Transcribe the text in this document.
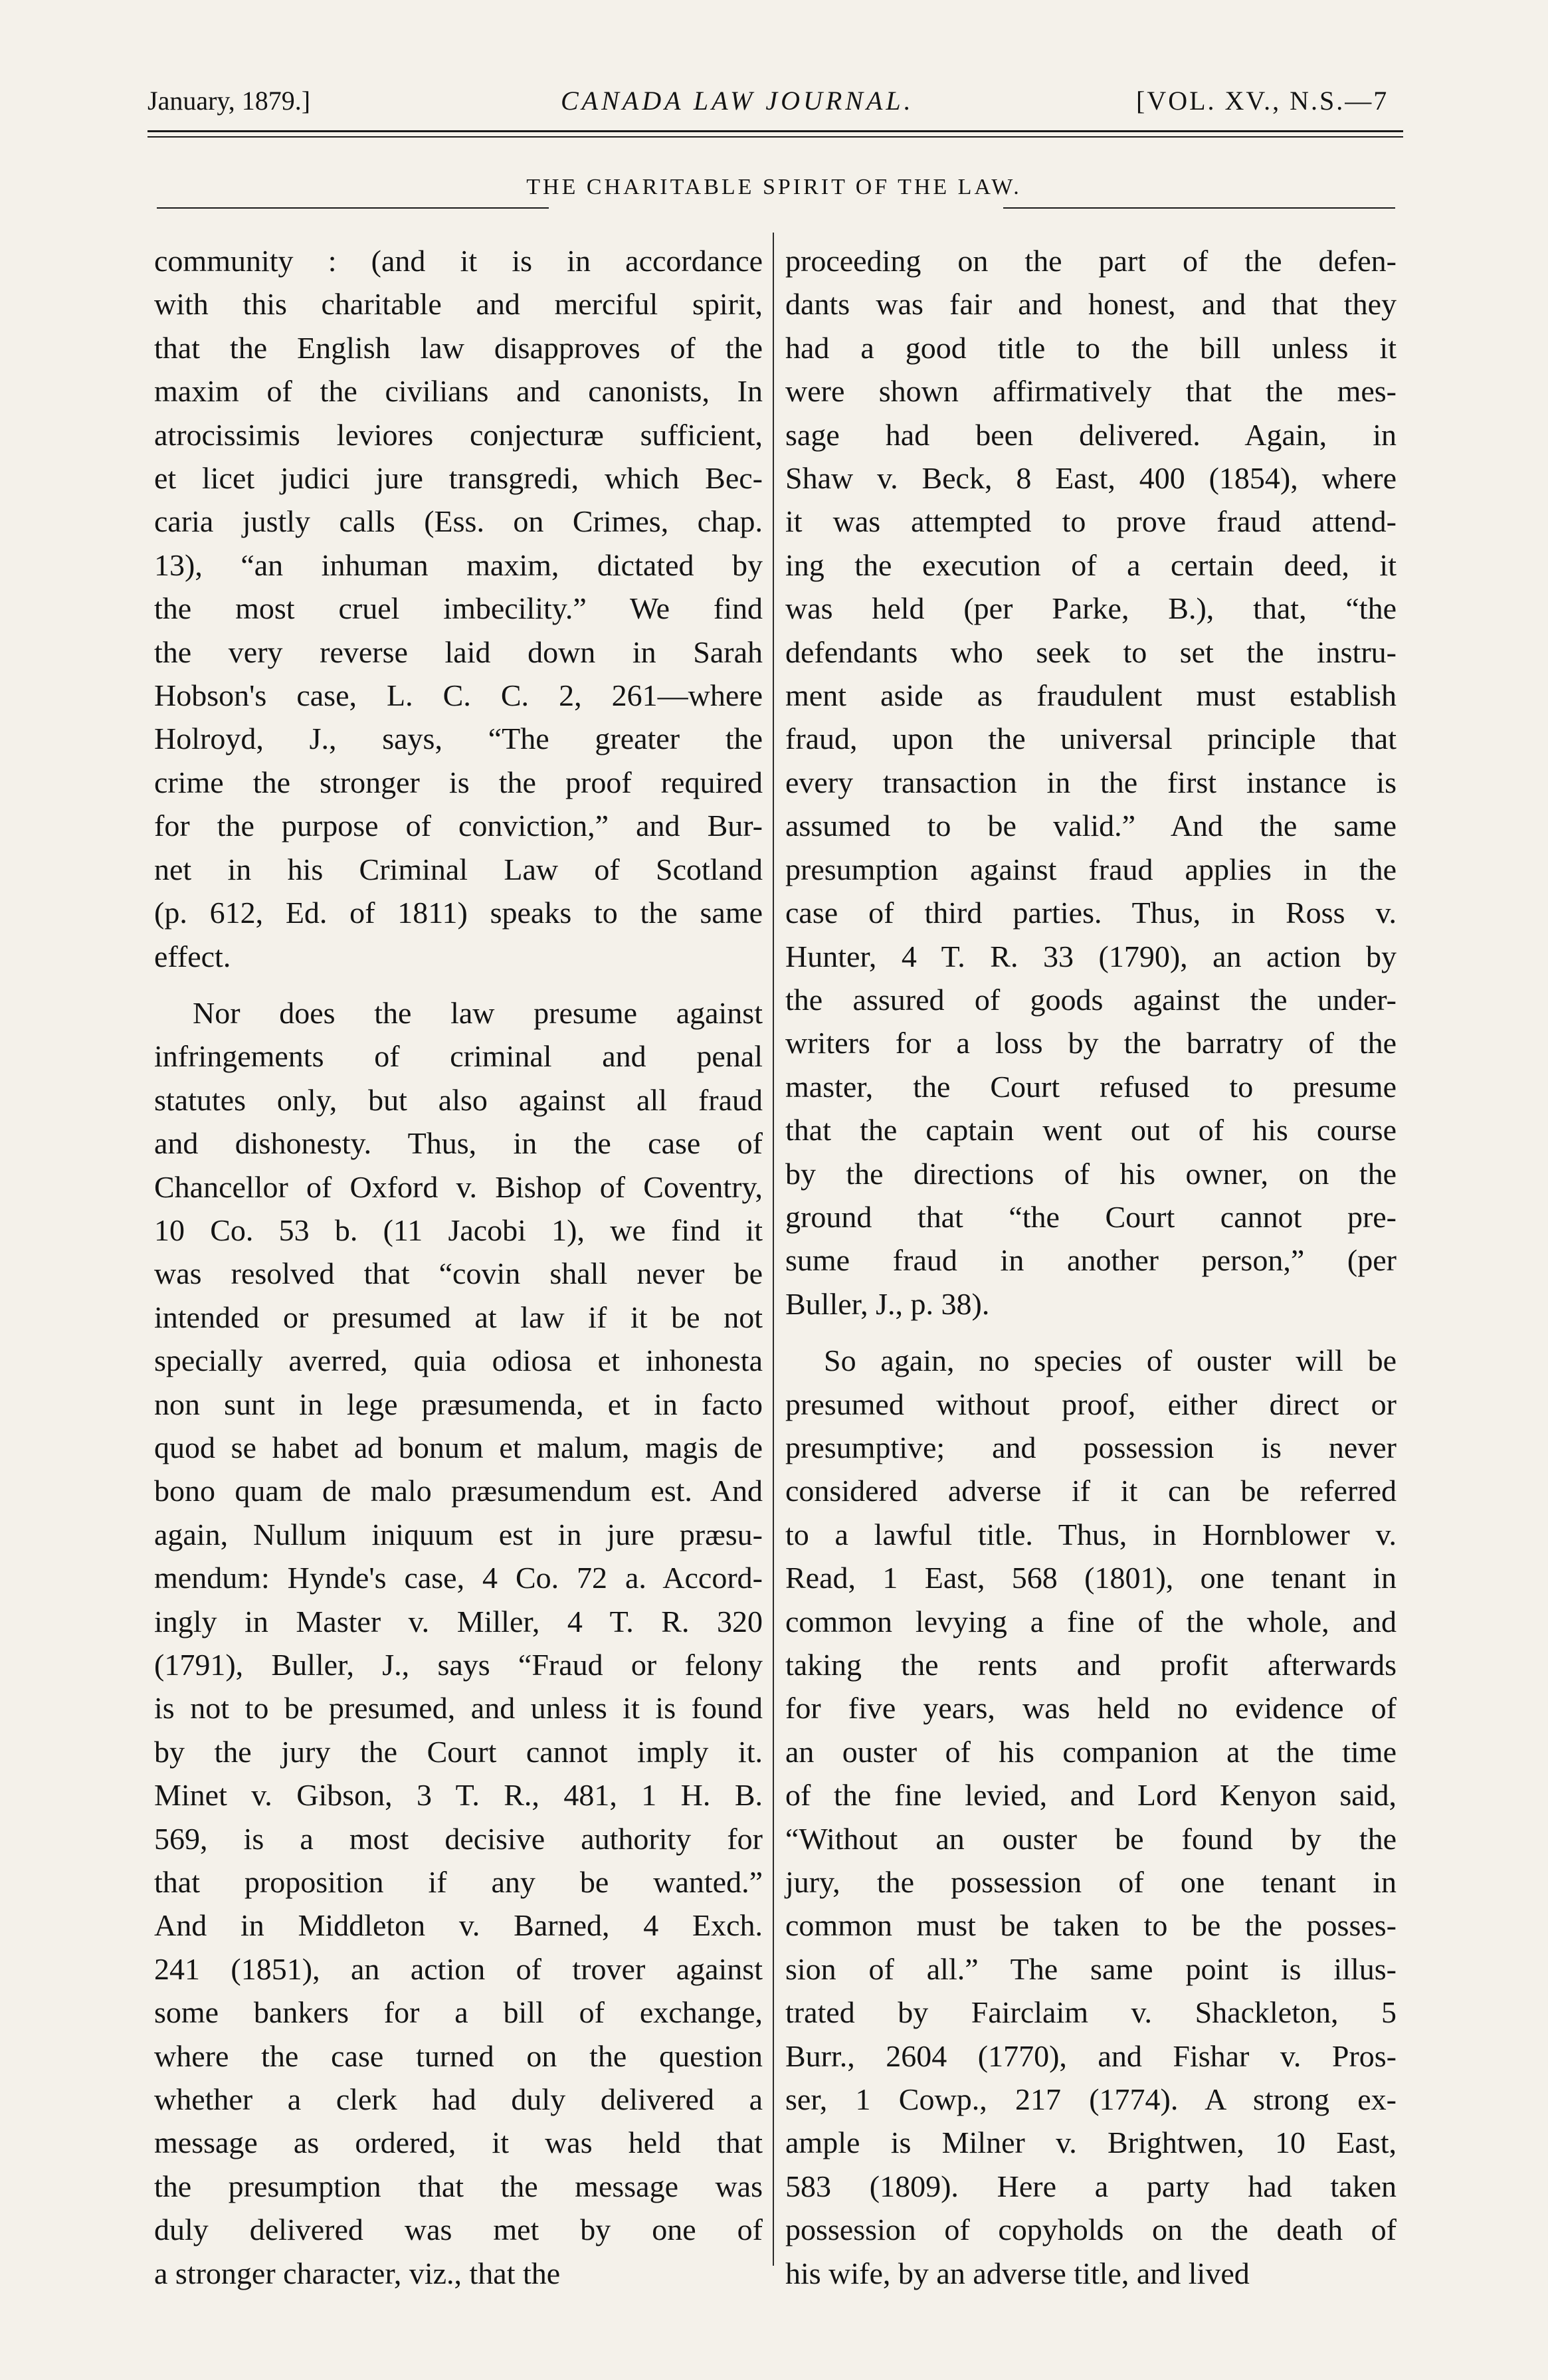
January, 1879.]	CANADA LAW JOURNAL.	[VOL. XV., N.S.—7
THE CHARITABLE SPIRIT OF THE LAW.
community : (and it is in accordance
with this charitable and merciful spirit,
that the English law disapproves of the
maxim of the civilians and canonists, In
atrocissimis leviores conjecturæ sufficient,
et licet judici jure transgredi, which Bec-
caria justly calls (Ess. on Crimes, chap.
13), “an inhuman maxim, dictated by
the most cruel imbecility.” We find
the very reverse laid down in Sarah
Hobson's case, L. C. C. 2, 261—where
Holroyd, J., says, “The greater the
crime the stronger is the proof required
for the purpose of conviction,” and Bur-
net in his Criminal Law of Scotland
(p. 612, Ed. of 1811) speaks to the same
effect.
Nor does the law presume against
infringements of criminal and penal
statutes only, but also against all fraud
and dishonesty. Thus, in the case of
Chancellor of Oxford v. Bishop of Coventry,
10 Co. 53 b. (11 Jacobi 1), we find it
was resolved that “covin shall never be
intended or presumed at law if it be not
specially averred, quia odiosa et inhonesta
non sunt in lege præsumenda, et in facto
quod se habet ad bonum et malum, magis de
bono quam de malo præsumendum est. And
again, Nullum iniquum est in jure præsu-
mendum: Hynde's case, 4 Co. 72 a. Accord-
ingly in Master v. Miller, 4 T. R. 320
(1791), Buller, J., says “Fraud or felony
is not to be presumed, and unless it is found
by the jury the Court cannot imply it.
Minet v. Gibson, 3 T. R., 481, 1 H. B.
569, is a most decisive authority for
that proposition if any be wanted.”
And in Middleton v. Barned, 4 Exch.
241 (1851), an action of trover against
some bankers for a bill of exchange,
where the case turned on the question
whether a clerk had duly delivered a
message as ordered, it was held that
the presumption that the message was
duly delivered was met by one of
a stronger character, viz., that the
proceeding on the part of the defen-
dants was fair and honest, and that they
had a good title to the bill unless it
were shown affirmatively that the mes-
sage had been delivered. Again, in
Shaw v. Beck, 8 East, 400 (1854), where
it was attempted to prove fraud attend-
ing the execution of a certain deed, it
was held (per Parke, B.), that, “the
defendants who seek to set the instru-
ment aside as fraudulent must establish
fraud, upon the universal principle that
every transaction in the first instance is
assumed to be valid.” And the same
presumption against fraud applies in the
case of third parties. Thus, in Ross v.
Hunter, 4 T. R. 33 (1790), an action by
the assured of goods against the under-
writers for a loss by the barratry of the
master, the Court refused to presume
that the captain went out of his course
by the directions of his owner, on the
ground that “the Court cannot pre-
sume fraud in another person,” (per
Buller, J., p. 38).
So again, no species of ouster will be
presumed without proof, either direct or
presumptive; and possession is never
considered adverse if it can be referred
to a lawful title. Thus, in Hornblower v.
Read, 1 East, 568 (1801), one tenant in
common levying a fine of the whole, and
taking the rents and profit afterwards
for five years, was held no evidence of
an ouster of his companion at the time
of the fine levied, and Lord Kenyon said,
“Without an ouster be found by the
jury, the possession of one tenant in
common must be taken to be the posses-
sion of all.” The same point is illus-
trated by Fairclaim v. Shackleton, 5
Burr., 2604 (1770), and Fishar v. Pros-
ser, 1 Cowp., 217 (1774). A strong ex-
ample is Milner v. Brightwen, 10 East,
583 (1809). Here a party had taken
possession of copyholds on the death of
his wife, by an adverse title, and lived
